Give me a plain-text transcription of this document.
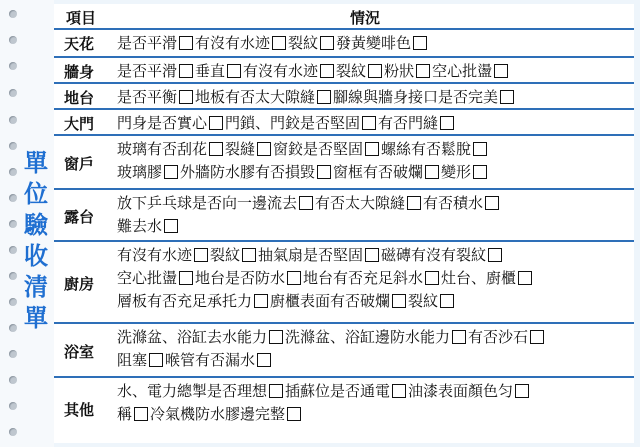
單
位
驗
收
清
單
項目	情況
天花 是否平滑 有沒有水迹 裂紋 發黃變啡色
牆身 是否平滑 垂直 有沒有水迹 裂紋 粉狀 空心批盪
地台 是否平衡 地板有否太大隙縫 腳線與牆身接口是否完美
大門 門身是否實心 門鎖、門鉸是否堅固 有否門縫
窗戶
玻璃有否刮花 裂縫 窗鉸是否堅固 螺絲有否鬆脫
玻璃膠 外牆防水膠有否損毀 窗框有否破爛 變形
露台
放下乒乓球是否向一邊流去 有否太大隙縫 有否積水
難去水
廚房
有沒有水迹 裂紋 抽氣扇是否堅固 磁磚有沒有裂紋
空心批盪 地台是否防水 地台有否充足斜水 灶台、廚櫃
層板有否充足承托力 廚櫃表面有否破爛 裂紋
浴室
洗滌盆、浴缸去水能力 洗滌盆、浴缸邊防水能力 有否沙石
阻塞 喉管有否漏水
其他
水、電力總掣是否理想 插蘇位是否通電 油漆表面顏色匀
稱 冷氣機防水膠邊完整
